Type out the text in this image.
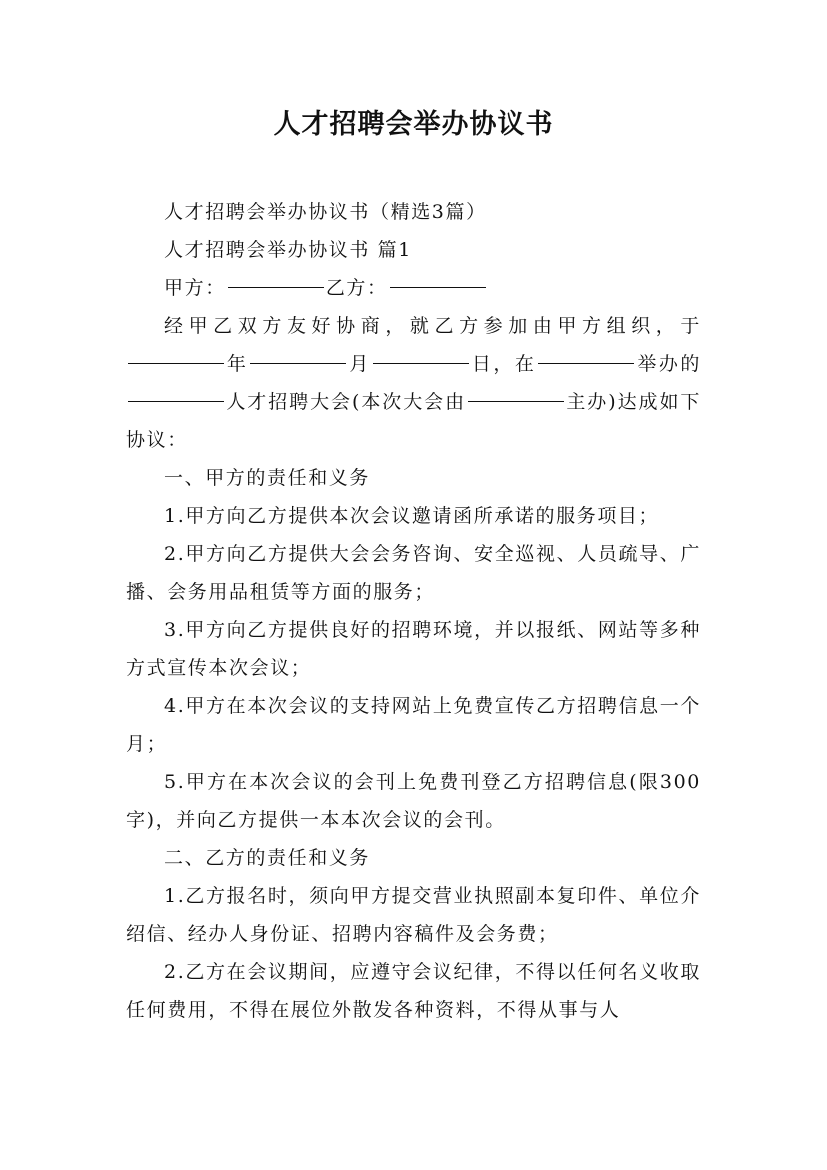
人才招聘会举办协议书

人才招聘会举办协议书（精选3篇）

人才招聘会举办协议书 篇1

甲方：	乙方：

经甲乙双方友好协商，就乙方参加由甲方组织，于年	月	日，在	举办的人才招聘大会(本次大会由	主办)达成如下协议：

一、甲方的责任和义务

1.甲方向乙方提供本次会议邀请函所承诺的服务项目；

2.甲方向乙方提供大会会务咨询、安全巡视、人员疏导、广播、会务用品租赁等方面的服务；

3.甲方向乙方提供良好的招聘环境，并以报纸、网站等多种方式宣传本次会议；

4.甲方在本次会议的支持网站上免费宣传乙方招聘信息一个月；

5.甲方在本次会议的会刊上免费刊登乙方招聘信息(限300字)，并向乙方提供一本本次会议的会刊。

二、乙方的责任和义务

1.乙方报名时，须向甲方提交营业执照副本复印件、单位介绍信、经办人身份证、招聘内容稿件及会务费；

2.乙方在会议期间，应遵守会议纪律，不得以任何名义收取任何费用，不得在展位外散发各种资料，不得从事与人
